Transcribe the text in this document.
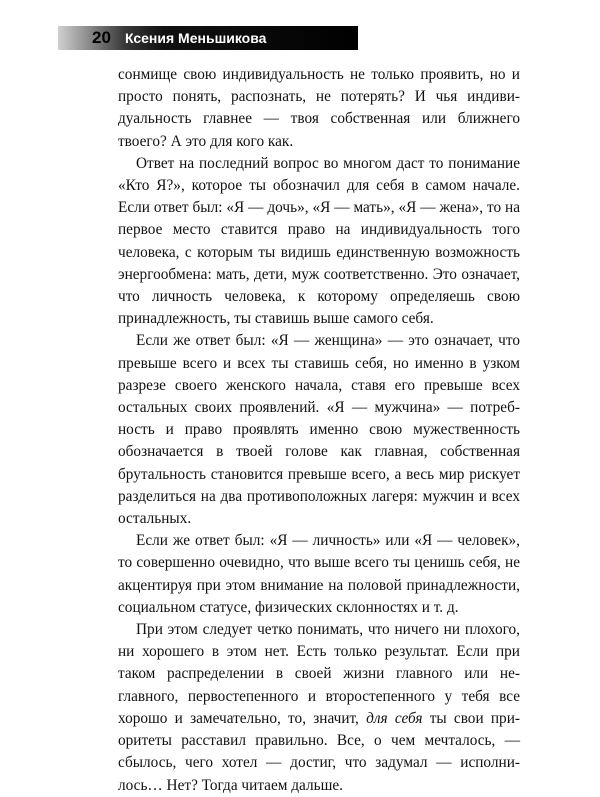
20 Ксения Меньшикова

сонмище свою индивидуальность не только проявить, но и просто понять, распознать, не потерять? И чья индивидуальность главнее — твоя собственная или ближнего твоего? А это для кого как.

Ответ на последний вопрос во многом даст то понимание «Кто Я?», которое ты обозначил для себя в самом начале. Если ответ был: «Я — дочь», «Я — мать», «Я — жена», то на первое место ставится право на индивидуальность того человека, с которым ты видишь единственную возможность энергообмена: мать, дети, муж соответственно. Это означает, что личность человека, к которому определяешь свою принадлежность, ты ставишь выше самого себя.

Если же ответ был: «Я — женщина» — это означает, что превыше всего и всех ты ставишь себя, но именно в узком разрезе своего женского начала, ставя его превыше всех остальных своих проявлений. «Я — мужчина» — потребность и право проявлять именно свою мужественность обозначается в твоей голове как главная, собственная брутальность становится превыше всего, а весь мир рискует разделиться на два противоположных лагеря: мужчин и всех остальных.

Если же ответ был: «Я — личность» или «Я — человек», то совершенно очевидно, что выше всего ты ценишь себя, не акцентируя при этом внимание на половой принадлежности, социальном статусе, физических склонностях и т. д.

При этом следует четко понимать, что ничего ни плохого, ни хорошего в этом нет. Есть только результат. Если при таком распределении в своей жизни главного или неглавного, первостепенного и второстепенного у тебя все хорошо и замечательно, то, значит, для себя ты свои приоритеты расставил правильно. Все, о чем мечталось, — сбылось, чего хотел — достиг, что задумал — исполнилось… Нет? Тогда читаем дальше.
